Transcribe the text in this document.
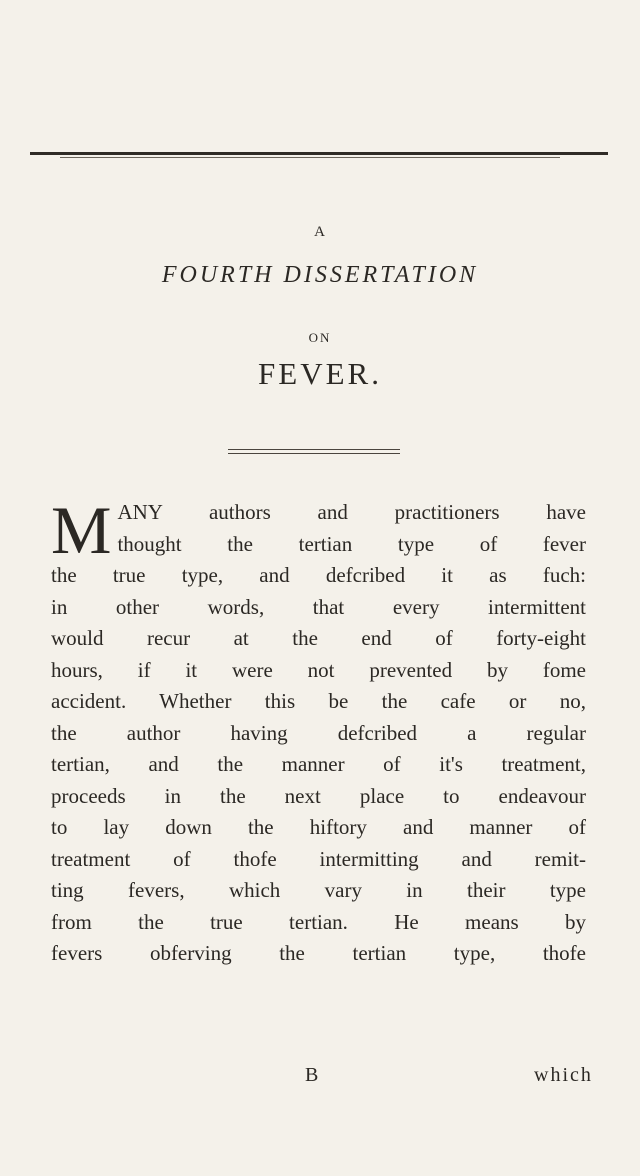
A
FOURTH DISSERTATION
ON
FEVER.
M ANY authors and practitioners have
thought the tertian type of fever
the true type, and defcribed it as fuch:
in other words, that every intermittent
would recur at the end of forty-eight
hours, if it were not prevented by fome
accident. Whether this be the cafe or no,
the author having defcribed a regular
tertian, and the manner of it's treatment,
proceeds in the next place to endeavour
to lay down the hiftory and manner of
treatment of thofe intermitting and remit-
ting fevers, which vary in their type
from the true tertian. He means by
fevers obferving the tertian type, thofe
B	which
